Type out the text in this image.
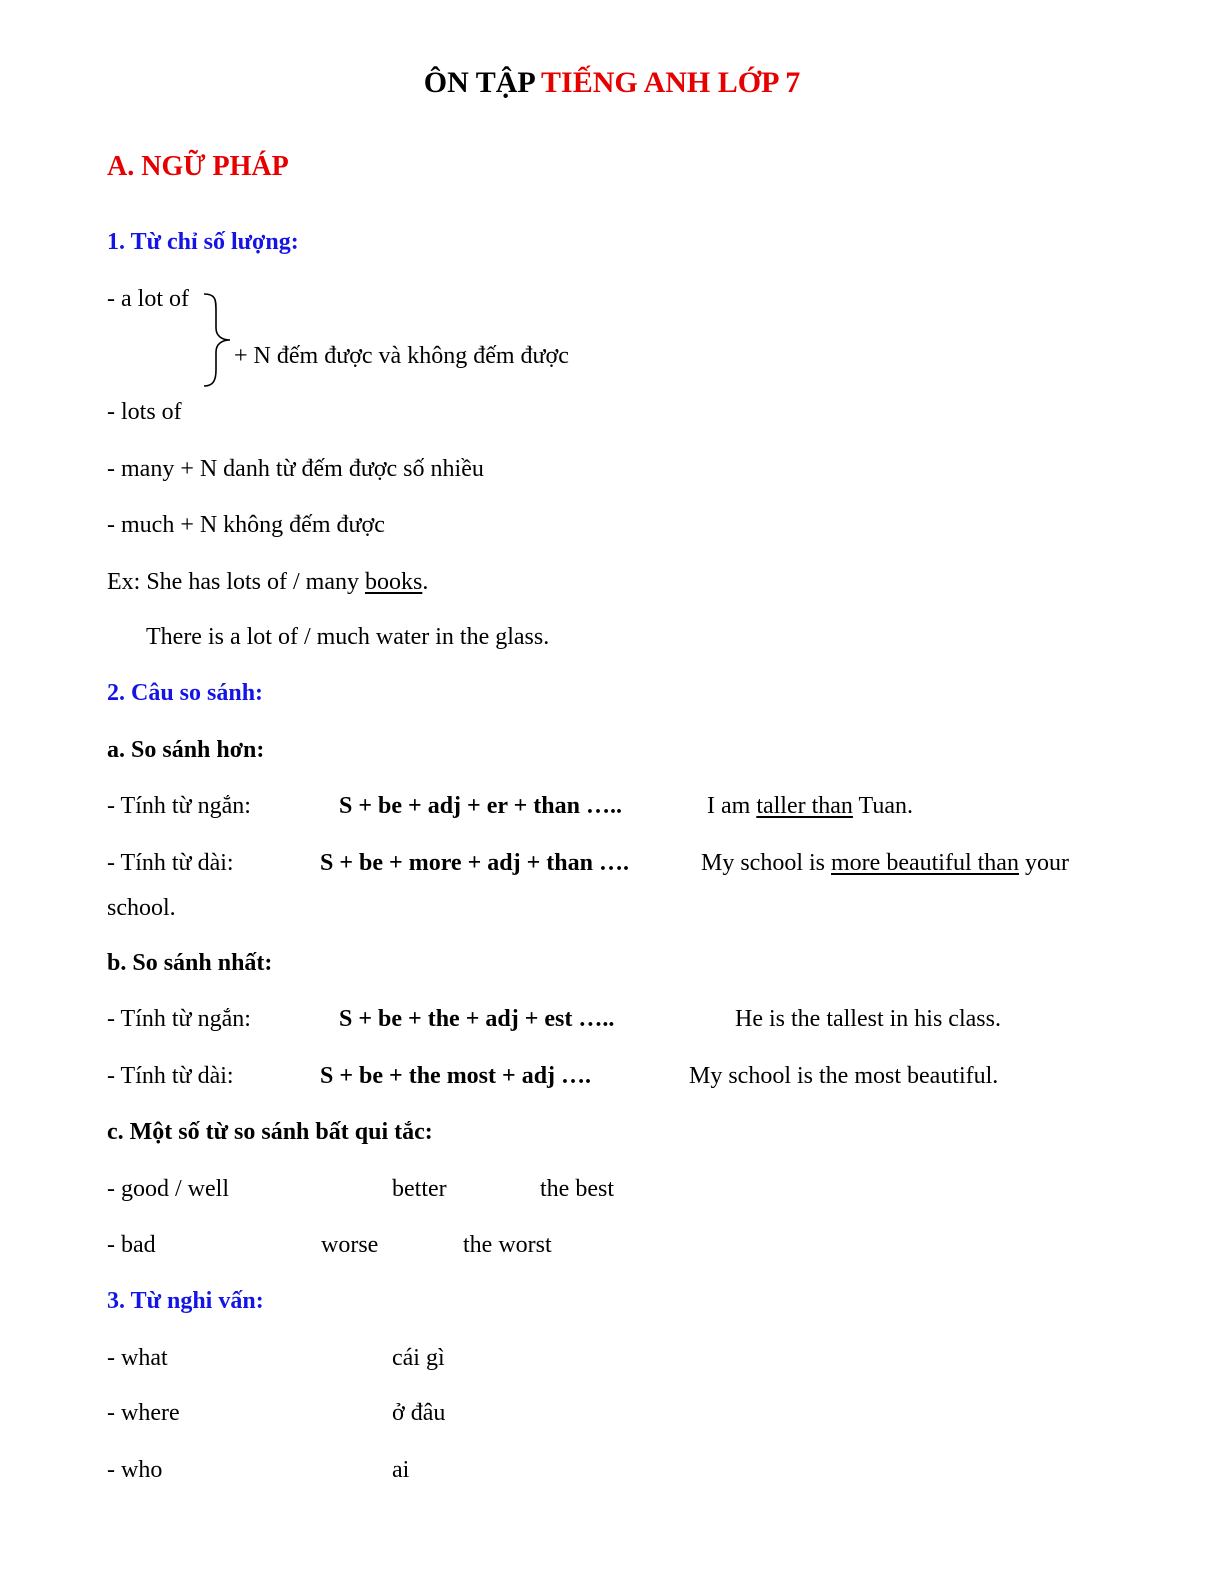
ÔN TẬP TIẾNG ANH LỚP 7
A. NGỮ PHÁP
1. Từ chỉ số lượng:
- a lot of
+ N đếm được và không đếm được
- lots of
- many + N danh từ đếm được số nhiều
- much + N không đếm được
Ex: She has lots of / many books.
There is a lot of / much water in the glass.
2. Câu so sánh:
a. So sánh hơn:
- Tính từ ngắn:	S + be + adj + er + than …..	I am taller than Tuan.
- Tính từ dài:	S + be + more + adj + than ….	My school is more beautiful than your
school.
b. So sánh nhất:
- Tính từ ngắn:	S + be + the + adj + est …..	He is the tallest in his class.
- Tính từ dài:	S + be + the most + adj ….	My school is the most beautiful.
c. Một số từ so sánh bất qui tắc:
- good / well	better	the best
- bad	worse	the worst
3. Từ nghi vấn:
- what	cái gì
- where	ở đâu
- who	ai
